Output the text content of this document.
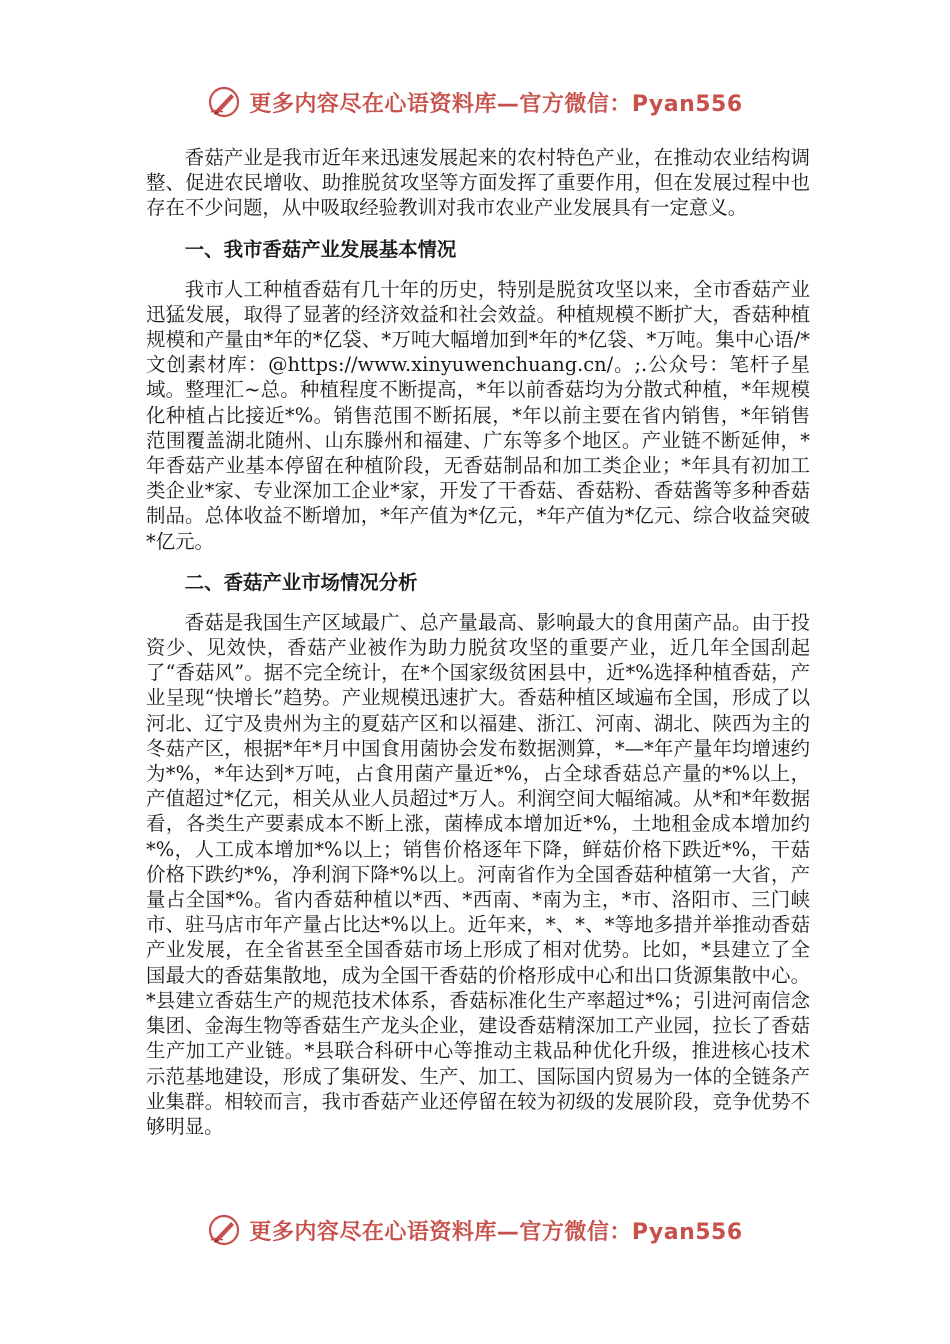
更多内容尽在心语资料库—官方微信：Pyan556

香菇产业是我市近年来迅速发展起来的农村特色产业，在推动农业结构调整、促进农民增收、助推脱贫攻坚等方面发挥了重要作用，但在发展过程中也存在不少问题，从中吸取经验教训对我市农业产业发展具有一定意义。

一、我市香菇产业发展基本情况

我市人工种植香菇有几十年的历史，特别是脱贫攻坚以来，全市香菇产业迅猛发展，取得了显著的经济效益和社会效益。种植规模不断扩大，香菇种植规模和产量由*年的*亿袋、*万吨大幅增加到*年的*亿袋、*万吨。集中心语/*文创素材库：@https://www.xinyuwenchuang.cn/。;.公众号：笔杆子星域。整理汇~总。种植程度不断提高，*年以前香菇均为分散式种植，*年规模化种植占比接近*%。销售范围不断拓展，*年以前主要在省内销售，*年销售范围覆盖湖北随州、山东滕州和福建、广东等多个地区。产业链不断延伸，*年香菇产业基本停留在种植阶段，无香菇制品和加工类企业；*年具有初加工类企业*家、专业深加工企业*家，开发了干香菇、香菇粉、香菇酱等多种香菇制品。总体收益不断增加，*年产值为*亿元，*年产值为*亿元、综合收益突破*亿元。

二、香菇产业市场情况分析

香菇是我国生产区域最广、总产量最高、影响最大的食用菌产品。由于投资少、见效快，香菇产业被作为助力脱贫攻坚的重要产业，近几年全国刮起了“香菇风”。据不完全统计，在*个国家级贫困县中，近*%选择种植香菇，产业呈现“快增长”趋势。产业规模迅速扩大。香菇种植区域遍布全国，形成了以河北、辽宁及贵州为主的夏菇产区和以福建、浙江、河南、湖北、陕西为主的冬菇产区，根据*年*月中国食用菌协会发布数据测算，*—*年产量年均增速约为*%，*年达到*万吨，占食用菌产量近*%，占全球香菇总产量的*%以上，产值超过*亿元，相关从业人员超过*万人。利润空间大幅缩减。从*和*年数据看，各类生产要素成本不断上涨，菌棒成本增加近*%，土地租金成本增加约*%，人工成本增加*%以上；销售价格逐年下降，鲜菇价格下跌近*%，干菇价格下跌约*%，净利润下降*%以上。河南省作为全国香菇种植第一大省，产量占全国*%。省内香菇种植以*西、*西南、*南为主，*市、洛阳市、三门峡市、驻马店市年产量占比达*%以上。近年来，*、*、*等地多措并举推动香菇产业发展，在全省甚至全国香菇市场上形成了相对优势。比如，*县建立了全国最大的香菇集散地，成为全国干香菇的价格形成中心和出口货源集散中心。*县建立香菇生产的规范技术体系，香菇标准化生产率超过*%；引进河南信念集团、金海生物等香菇生产龙头企业，建设香菇精深加工产业园，拉长了香菇生产加工产业链。*县联合科研中心等推动主栽品种优化升级，推进核心技术示范基地建设，形成了集研发、生产、加工、国际国内贸易为一体的全链条产业集群。相较而言，我市香菇产业还停留在较为初级的发展阶段，竞争优势不够明显。

更多内容尽在心语资料库—官方微信：Pyan556
